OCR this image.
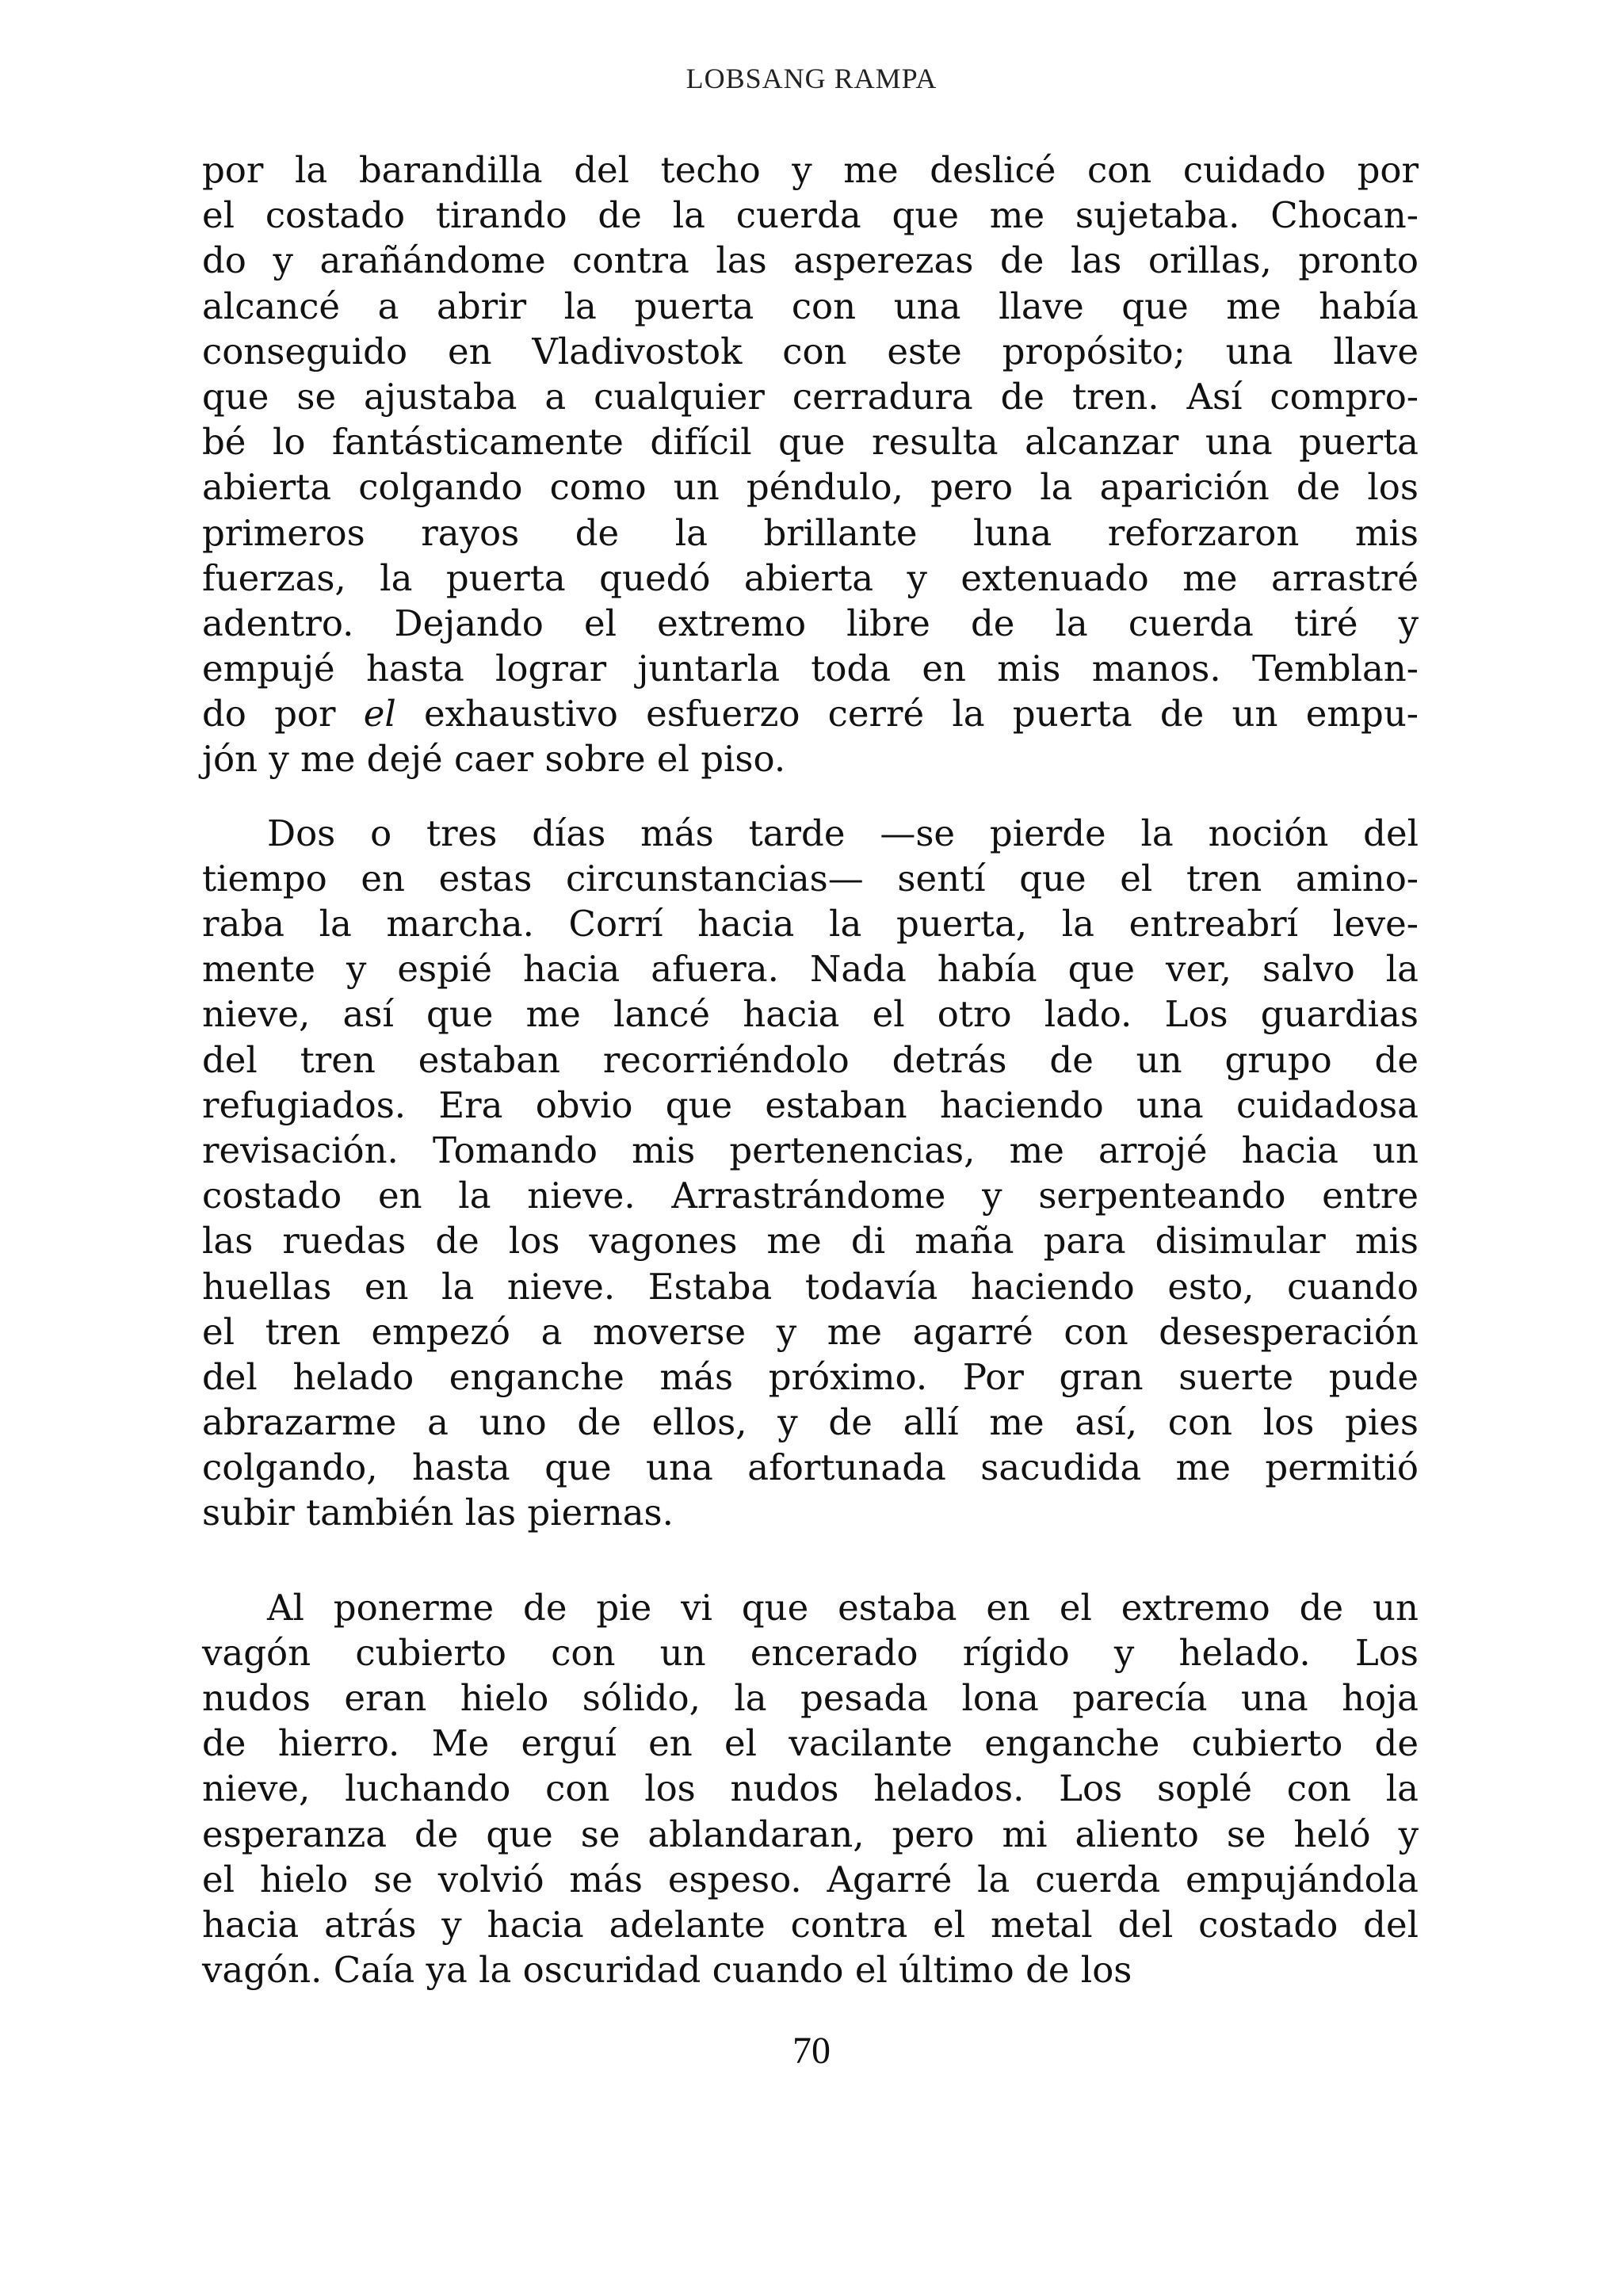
LOBSANG RAMPA
por la barandilla del techo y me deslicé con cuidado por
el costado tirando de la cuerda que me sujetaba. Chocan-
do y arañándome contra las asperezas de las orillas, pronto
alcancé a abrir la puerta con una llave que me había
conseguido en Vladivostok con este propósito; una llave
que se ajustaba a cualquier cerradura de tren. Así compro-
bé lo fantásticamente difícil que resulta alcanzar una puerta
abierta colgando como un péndulo, pero la aparición de los
primeros rayos de la brillante luna reforzaron mis
fuerzas, la puerta quedó abierta y extenuado me arrastré
adentro. Dejando el extremo libre de la cuerda tiré y
empujé hasta lograr juntarla toda en mis manos. Temblan-
do por el exhaustivo esfuerzo cerré la puerta de un empu-
jón y me dejé caer sobre el piso.
Dos o tres días más tarde —se pierde la noción del
tiempo en estas circunstancias— sentí que el tren amino-
raba la marcha. Corrí hacia la puerta, la entreabrí leve-
mente y espié hacia afuera. Nada había que ver, salvo la
nieve, así que me lancé hacia el otro lado. Los guardias
del tren estaban recorriéndolo detrás de un grupo de
refugiados. Era obvio que estaban haciendo una cuidadosa
revisación. Tomando mis pertenencias, me arrojé hacia un
costado en la nieve. Arrastrándome y serpenteando entre
las ruedas de los vagones me di maña para disimular mis
huellas en la nieve. Estaba todavía haciendo esto, cuando
el tren empezó a moverse y me agarré con desesperación
del helado enganche más próximo. Por gran suerte pude
abrazarme a uno de ellos, y de allí me así, con los pies
colgando, hasta que una afortunada sacudida me permitió
subir también las piernas.
Al ponerme de pie vi que estaba en el extremo de un
vagón cubierto con un encerado rígido y helado. Los
nudos eran hielo sólido, la pesada lona parecía una hoja
de hierro. Me erguí en el vacilante enganche cubierto de
nieve, luchando con los nudos helados. Los soplé con la
esperanza de que se ablandaran, pero mi aliento se heló y
el hielo se volvió más espeso. Agarré la cuerda empujándola
hacia atrás y hacia adelante contra el metal del costado del
vagón. Caía ya la oscuridad cuando el último de los
70
